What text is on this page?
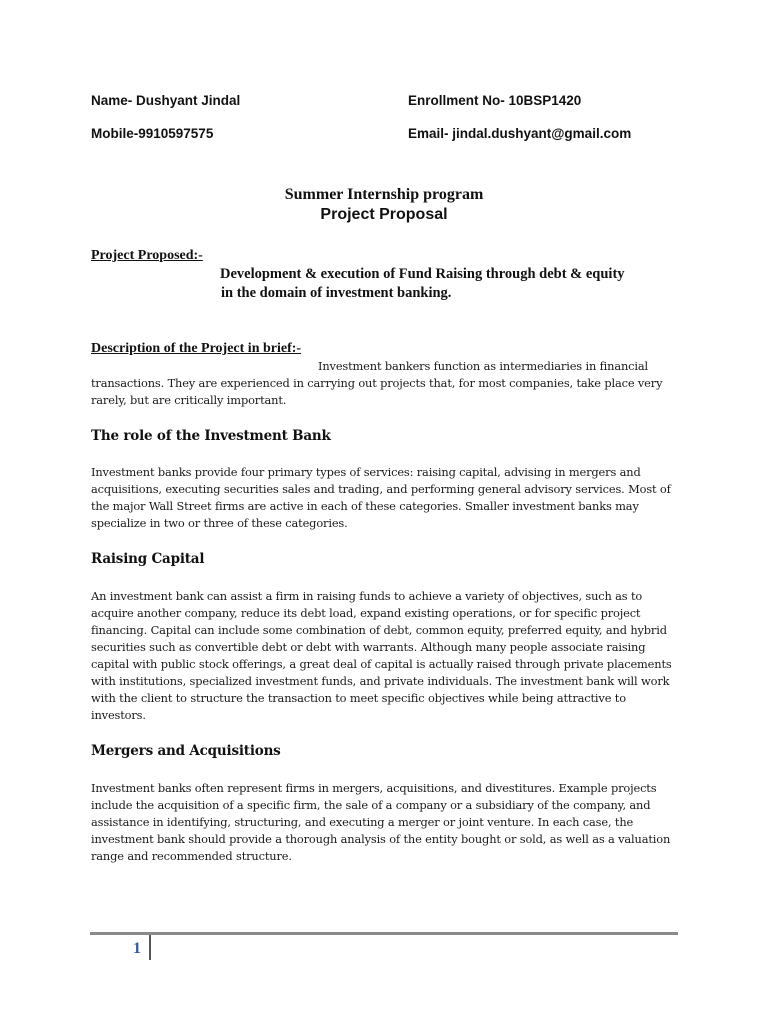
Name- Dushyant Jindal	Enrollment No- 10BSP1420
Mobile-9910597575	Email- jindal.dushyant@gmail.com
Summer Internship program
Project Proposal
Project Proposed:-
Development & execution of Fund Raising through debt & equity
in the domain of investment banking.
Description of the Project in brief:-
Investment bankers function as intermediaries in financial transactions. They are experienced in carrying out projects that, for most companies, take place very rarely, but are critically important.
The role of the Investment Bank
Investment banks provide four primary types of services: raising capital, advising in mergers and acquisitions, executing securities sales and trading, and performing general advisory services. Most of the major Wall Street firms are active in each of these categories. Smaller investment banks may specialize in two or three of these categories.
Raising Capital
An investment bank can assist a firm in raising funds to achieve a variety of objectives, such as to acquire another company, reduce its debt load, expand existing operations, or for specific project financing. Capital can include some combination of debt, common equity, preferred equity, and hybrid securities such as convertible debt or debt with warrants. Although many people associate raising capital with public stock offerings, a great deal of capital is actually raised through private placements with institutions, specialized investment funds, and private individuals. The investment bank will work with the client to structure the transaction to meet specific objectives while being attractive to investors.
Mergers and Acquisitions
Investment banks often represent firms in mergers, acquisitions, and divestitures. Example projects include the acquisition of a specific firm, the sale of a company or a subsidiary of the company, and assistance in identifying, structuring, and executing a merger or joint venture. In each case, the investment bank should provide a thorough analysis of the entity bought or sold, as well as a valuation range and recommended structure.
1
